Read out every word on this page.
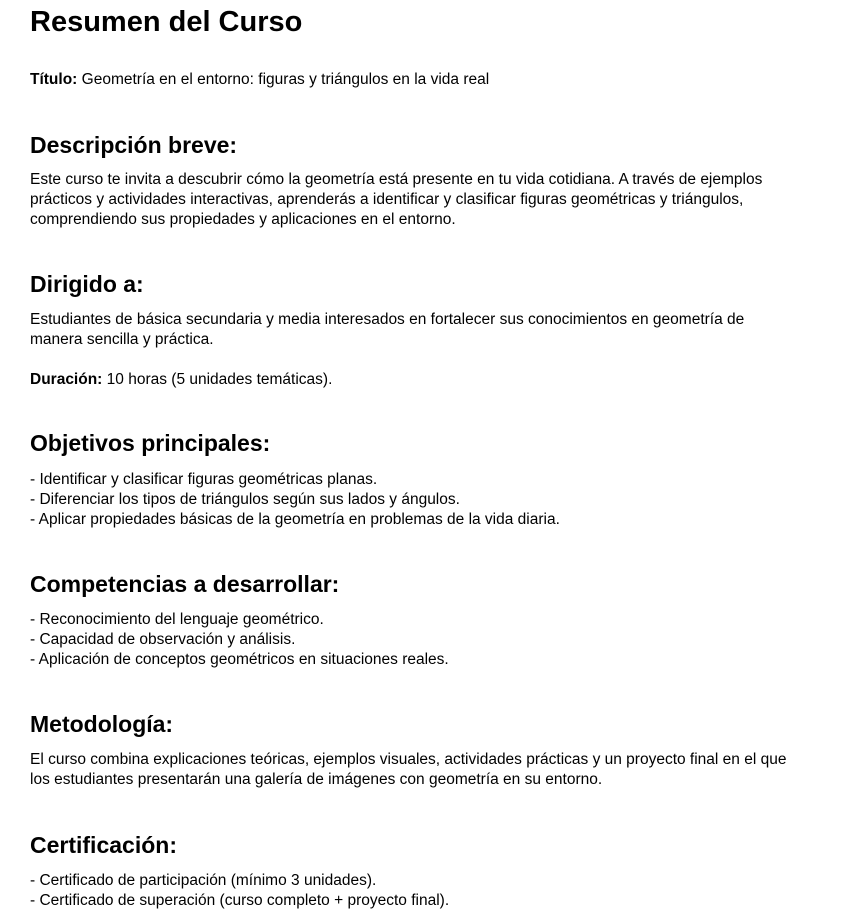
Resumen del Curso

Título: Geometría en el entorno: figuras y triángulos en la vida real

Descripción breve:

Este curso te invita a descubrir cómo la geometría está presente en tu vida cotidiana. A través de ejemplos prácticos y actividades interactivas, aprenderás a identificar y clasificar figuras geométricas y triángulos, comprendiendo sus propiedades y aplicaciones en el entorno.

Dirigido a:

Estudiantes de básica secundaria y media interesados en fortalecer sus conocimientos en geometría de manera sencilla y práctica.

Duración: 10 horas (5 unidades temáticas).

Objetivos principales:

- Identificar y clasificar figuras geométricas planas.

- Diferenciar los tipos de triángulos según sus lados y ángulos.

- Aplicar propiedades básicas de la geometría en problemas de la vida diaria.

Competencias a desarrollar:

- Reconocimiento del lenguaje geométrico.

- Capacidad de observación y análisis.

- Aplicación de conceptos geométricos en situaciones reales.

Metodología:

El curso combina explicaciones teóricas, ejemplos visuales, actividades prácticas y un proyecto final en el que los estudiantes presentarán una galería de imágenes con geometría en su entorno.

Certificación:

- Certificado de participación (mínimo 3 unidades).

- Certificado de superación (curso completo + proyecto final).
